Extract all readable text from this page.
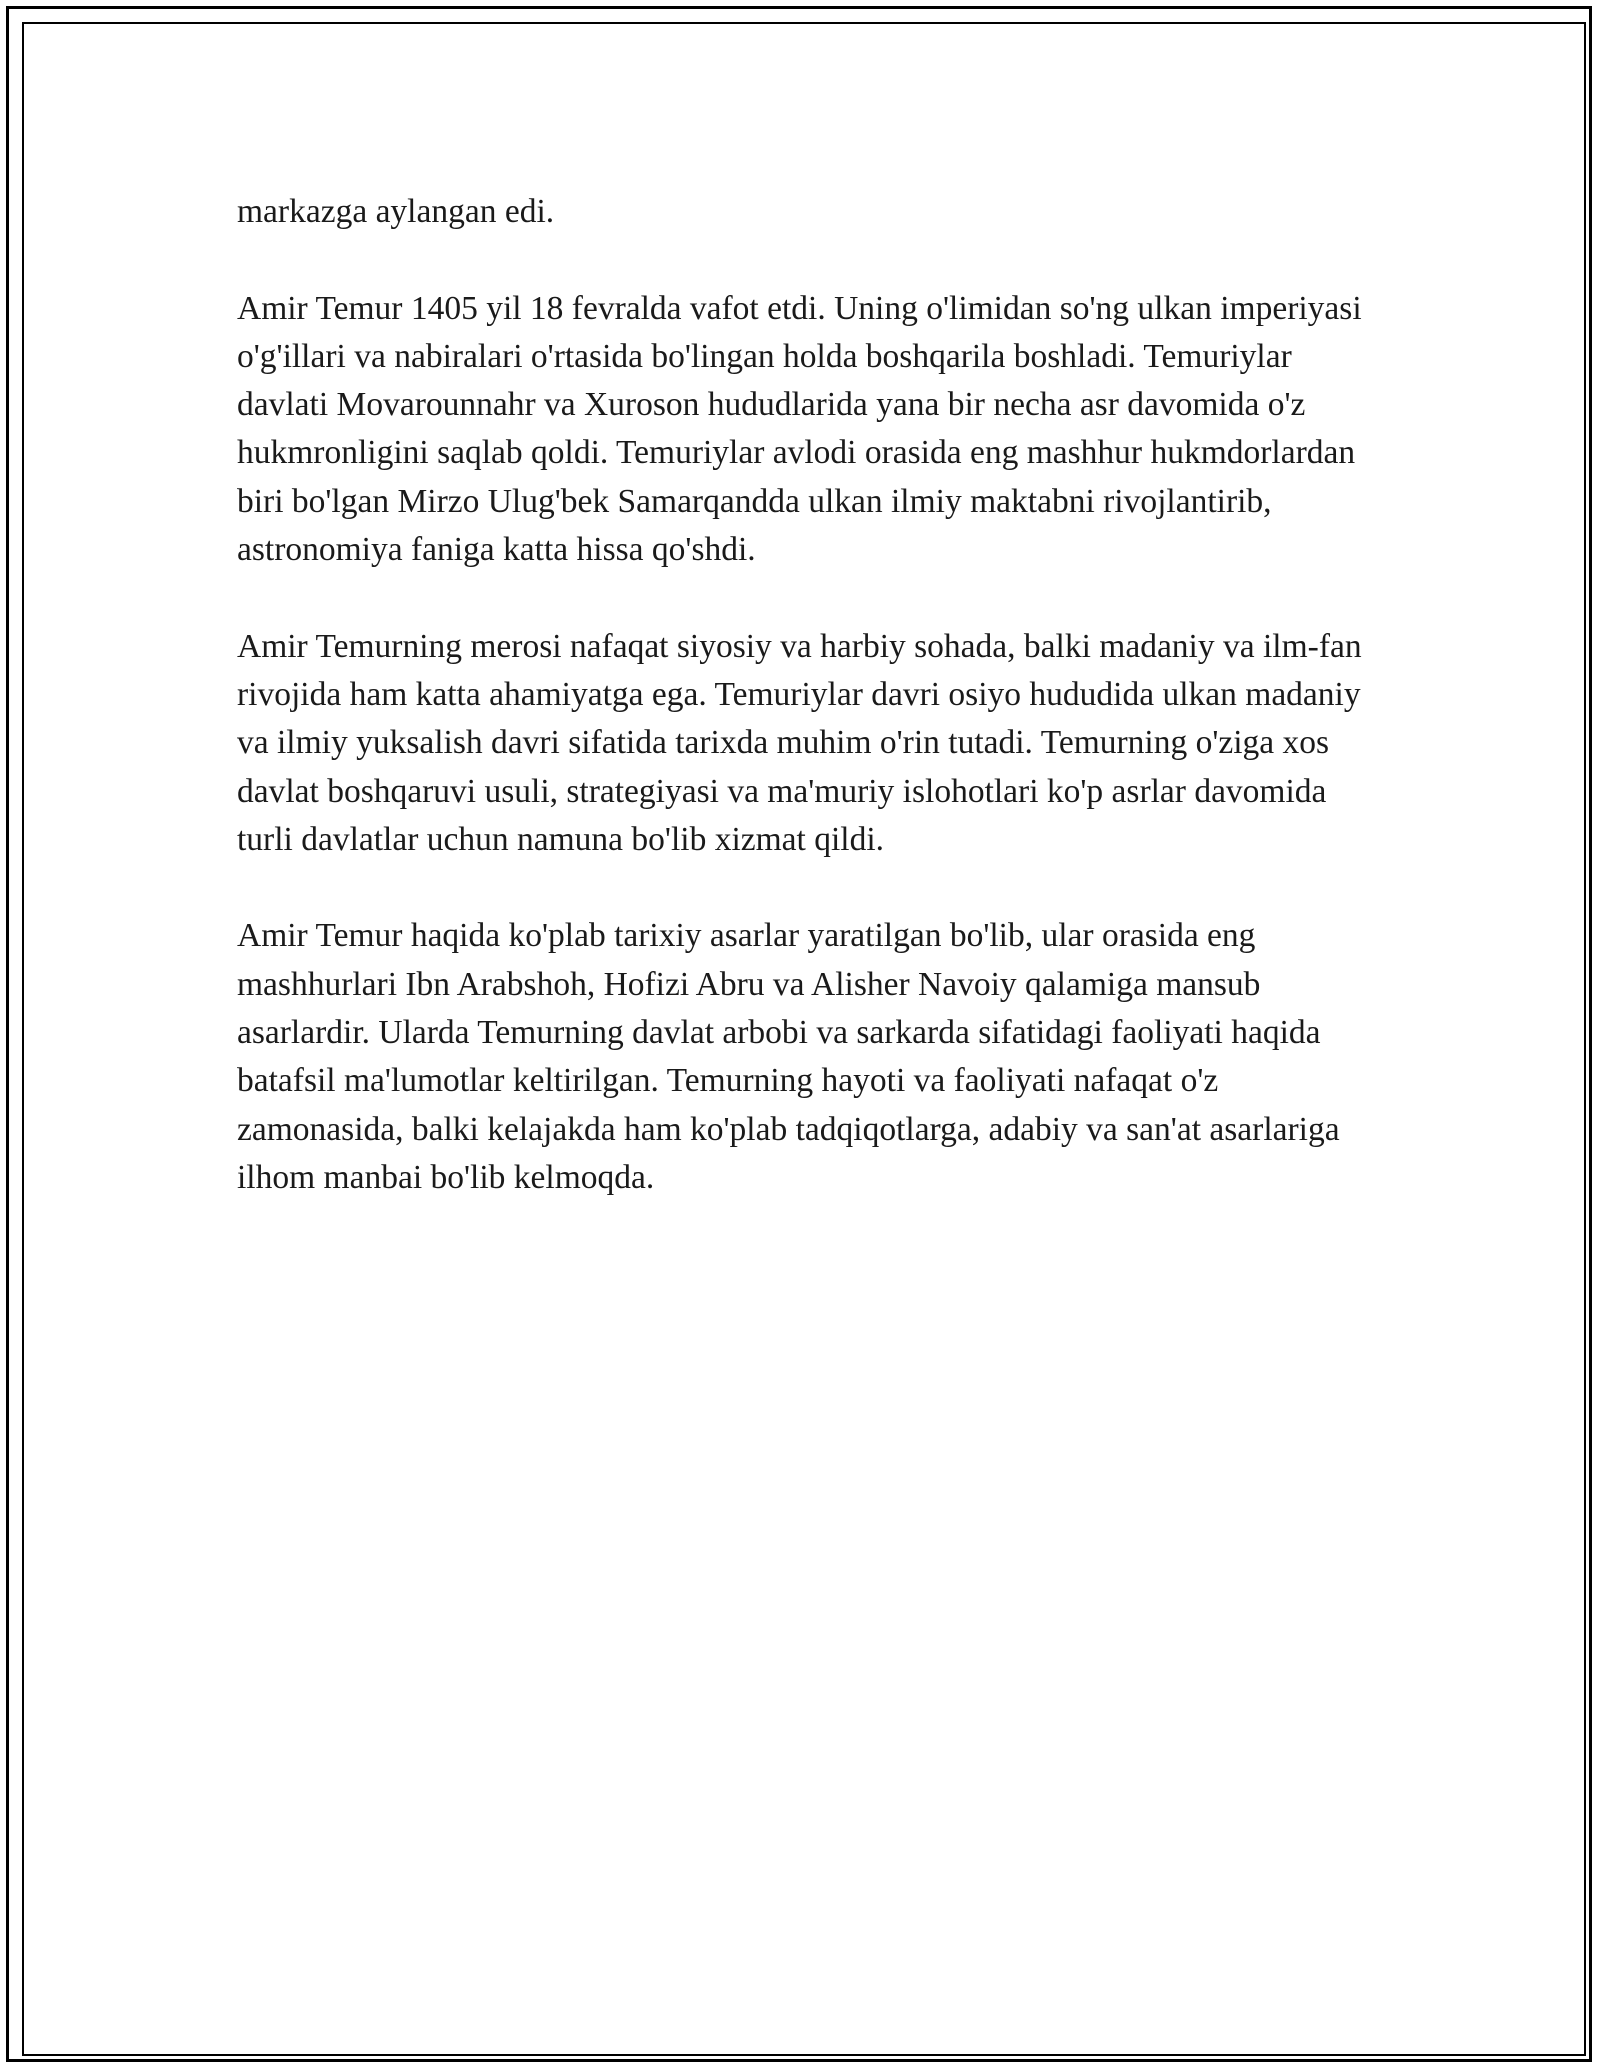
markazga aylangan edi.

Amir Temur 1405 yil 18 fevralda vafot etdi. Uning o'limidan so'ng ulkan imperiyasi o'g'illari va nabiralari o'rtasida bo'lingan holda boshqarila boshladi. Temuriylar davlati Movarounnahr va Xuroson hududlarida yana bir necha asr davomida o'z hukmronligini saqlab qoldi. Temuriylar avlodi orasida eng mashhur hukmdorlardan biri bo'lgan Mirzo Ulug'bek Samarqandda ulkan ilmiy maktabni rivojlantirib, astronomiya faniga katta hissa qo'shdi.

Amir Temurning merosi nafaqat siyosiy va harbiy sohada, balki madaniy va ilm-fan rivojida ham katta ahamiyatga ega. Temuriylar davri osiyo hududida ulkan madaniy va ilmiy yuksalish davri sifatida tarixda muhim o'rin tutadi. Temurning o'ziga xos davlat boshqaruvi usuli, strategiyasi va ma'muriy islohotlari ko'p asrlar davomida turli davlatlar uchun namuna bo'lib xizmat qildi.

Amir Temur haqida ko'plab tarixiy asarlar yaratilgan bo'lib, ular orasida eng mashhurlari Ibn Arabshoh, Hofizi Abru va Alisher Navoiy qalamiga mansub asarlardir. Ularda Temurning davlat arbobi va sarkarda sifatidagi faoliyati haqida batafsil ma'lumotlar keltirilgan. Temurning hayoti va faoliyati nafaqat o'z zamonasida, balki kelajakda ham ko'plab tadqiqotlarga, adabiy va san'at asarlariga ilhom manbai bo'lib kelmoqda.
